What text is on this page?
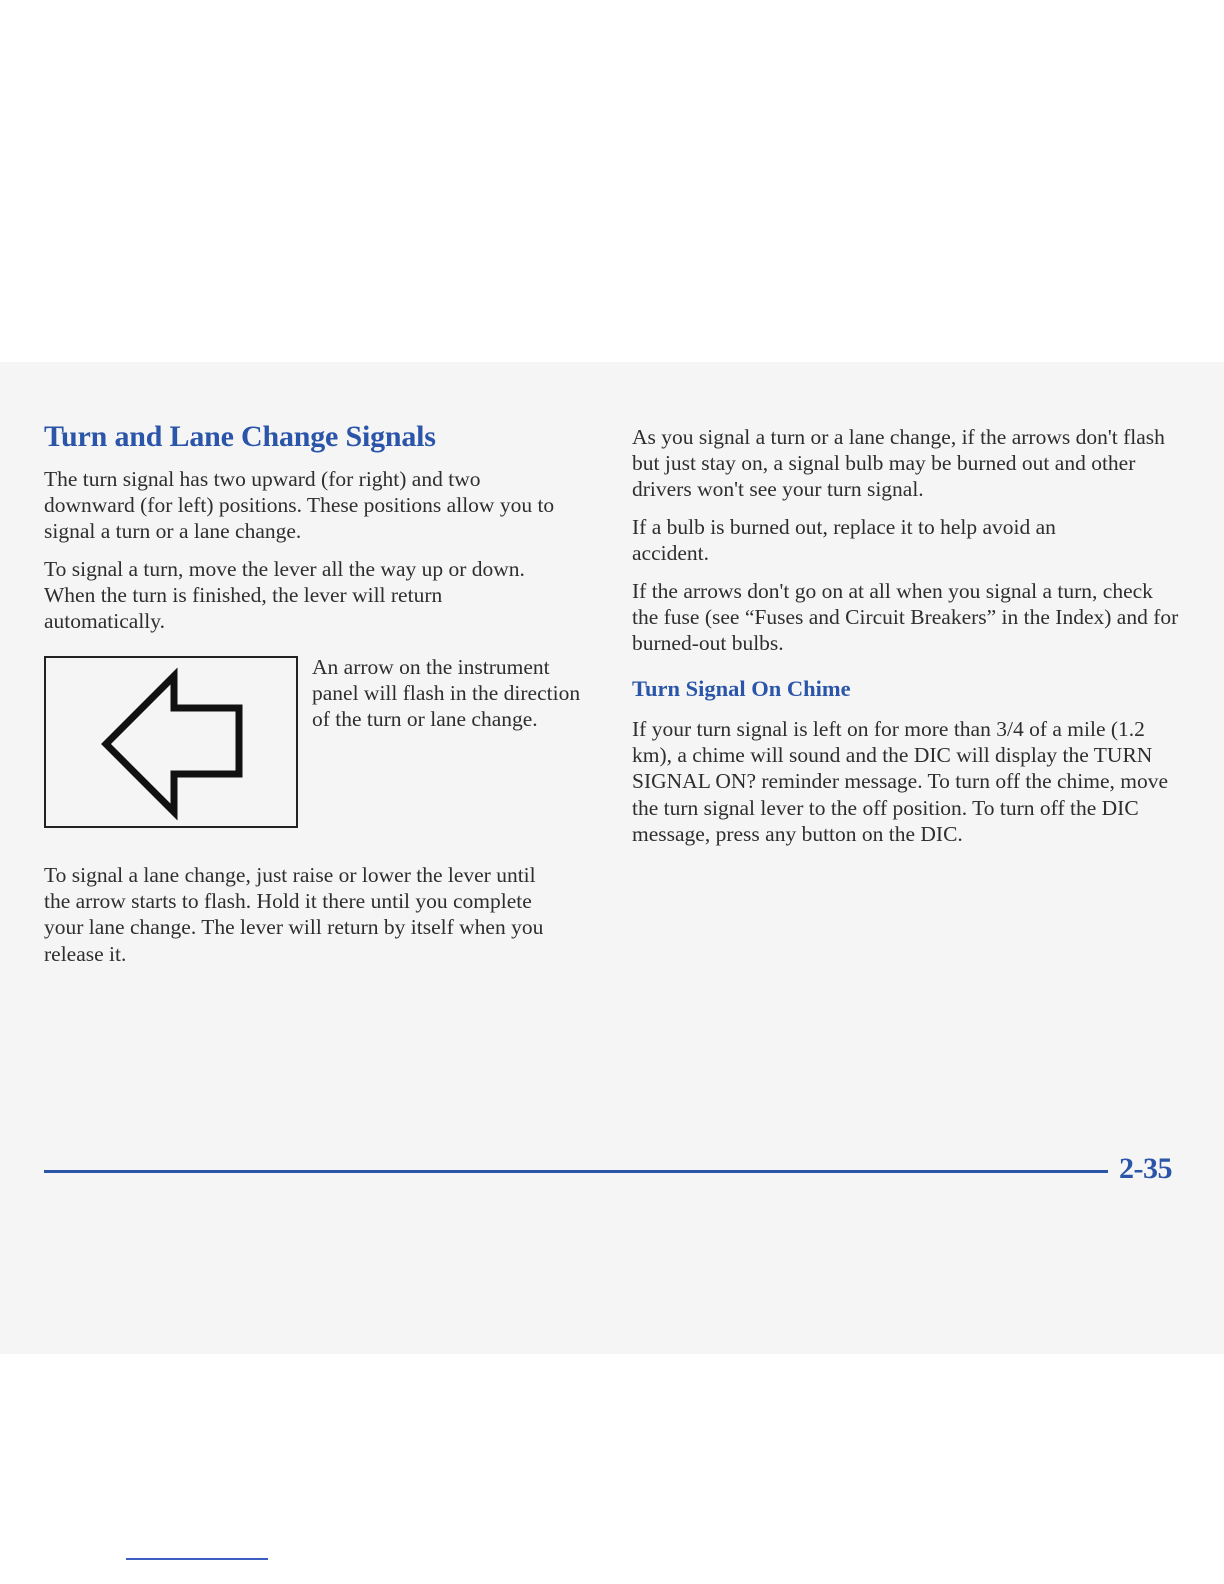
Turn and Lane Change Signals

The turn signal has two upward (for right) and two downward (for left) positions. These positions allow you to signal a turn or a lane change.

To signal a turn, move the lever all the way up or down. When the turn is finished, the lever will return automatically.

An arrow on the instrument panel will flash in the direction of the turn or lane change.

To signal a lane change, just raise or lower the lever until the arrow starts to flash. Hold it there until you complete your lane change. The lever will return by itself when you release it.

As you signal a turn or a lane change, if the arrows don't flash but just stay on, a signal bulb may be burned out and other drivers won't see your turn signal.

If a bulb is burned out, replace it to help avoid an accident.

If the arrows don't go on at all when you signal a turn, check the fuse (see “Fuses and Circuit Breakers” in the Index) and for burned-out bulbs.

Turn Signal On Chime

If your turn signal is left on for more than 3/4 of a mile (1.2 km), a chime will sound and the DIC will display the TURN SIGNAL ON? reminder message. To turn off the chime, move the turn signal lever to the off position. To turn off the DIC message, press any button on the DIC.

2-35
